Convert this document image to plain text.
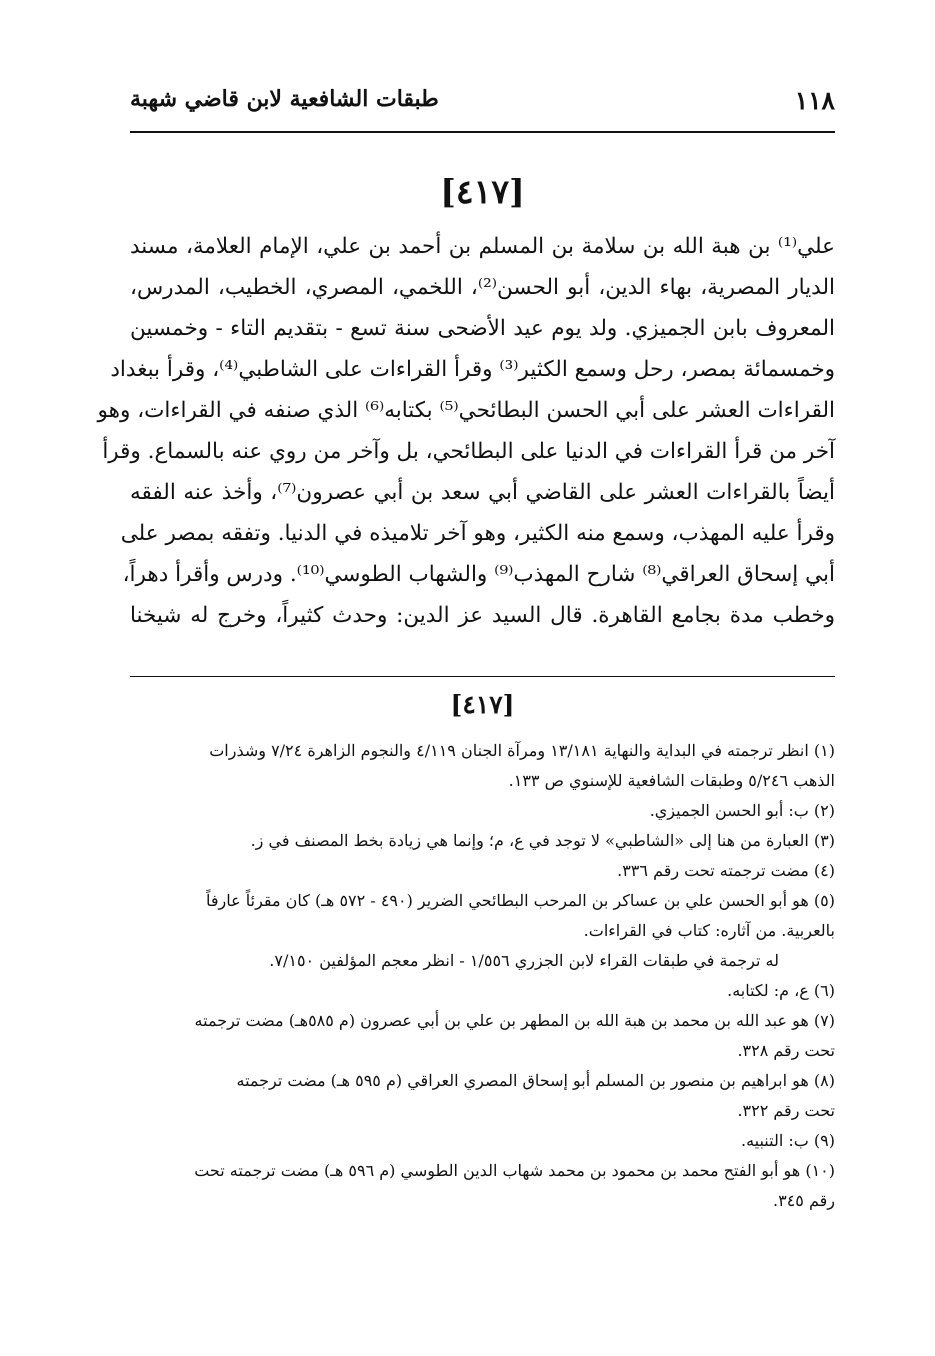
١١٨
طبقات الشافعية لابن قاضي شهبة
[٤١٧]
علي⁽¹⁾ بن هبة الله بن سلامة بن المسلم بن أحمد بن علي، الإمام العلامة، مسند
الديار المصرية، بهاء الدين، أبو الحسن⁽²⁾، اللخمي، المصري، الخطيب، المدرس،
المعروف بابن الجميزي. ولد يوم عيد الأضحى سنة تسع - بتقديم التاء - وخمسين
وخمسمائة بمصر، رحل وسمع الكثير⁽³⁾ وقرأ القراءات على الشاطبي⁽⁴⁾، وقرأ ببغداد
القراءات العشر على أبي الحسن البطائحي⁽⁵⁾ بكتابه⁽⁶⁾ الذي صنفه في القراءات، وهو
آخر من قرأ القراءات في الدنيا على البطائحي، بل وآخر من روي عنه بالسماع. وقرأ
أيضاً بالقراءات العشر على القاضي أبي سعد بن أبي عصرون⁽⁷⁾، وأخذ عنه الفقه
وقرأ عليه المهذب، وسمع منه الكثير، وهو آخر تلاميذه في الدنيا. وتفقه بمصر على
أبي إسحاق العراقي⁽⁸⁾ شارح المهذب⁽⁹⁾ والشهاب الطوسي⁽¹⁰⁾. ودرس وأقرأ دهراً،
وخطب مدة بجامع القاهرة. قال السيد عز الدين: وحدث كثيراً، وخرج له شيخنا
[٤١٧]
(١) انظر ترجمته في البداية والنهاية ١٣/١٨١ ومرآة الجنان ٤/١١٩ والنجوم الزاهرة ٧/٢٤ وشذرات
الذهب ٥/٢٤٦ وطبقات الشافعية للإسنوي ص ١٣٣.
(٢) ب: أبو الحسن الجميزي.
(٣) العبارة من هنا إلى «الشاطبي» لا توجد في ع، م؛ وإنما هي زيادة بخط المصنف في ز.
(٤) مضت ترجمته تحت رقم ٣٣٦.
(٥) هو أبو الحسن علي بن عساكر بن المرحب البطائحي الضرير (٤٩٠ - ٥٧٢ هـ) كان مقرئاً عارفاً
بالعربية. من آثاره: كتاب في القراءات.
له ترجمة في طبقات القراء لابن الجزري ١/٥٥٦ - انظر معجم المؤلفين ٧/١٥٠.
(٦) ع، م: لكتابه.
(٧) هو عبد الله بن محمد بن هبة الله بن المطهر بن علي بن أبي عصرون (م ٥٨٥هـ) مضت ترجمته
تحت رقم ٣٢٨.
(٨) هو ابراهيم بن منصور بن المسلم أبو إسحاق المصري العراقي (م ٥٩٥ هـ) مضت ترجمته
تحت رقم ٣٢٢.
(٩) ب: التنبيه.
(١٠) هو أبو الفتح محمد بن محمود بن محمد شهاب الدين الطوسي (م ٥٩٦ هـ) مضت ترجمته تحت
رقم ٣٤٥.
